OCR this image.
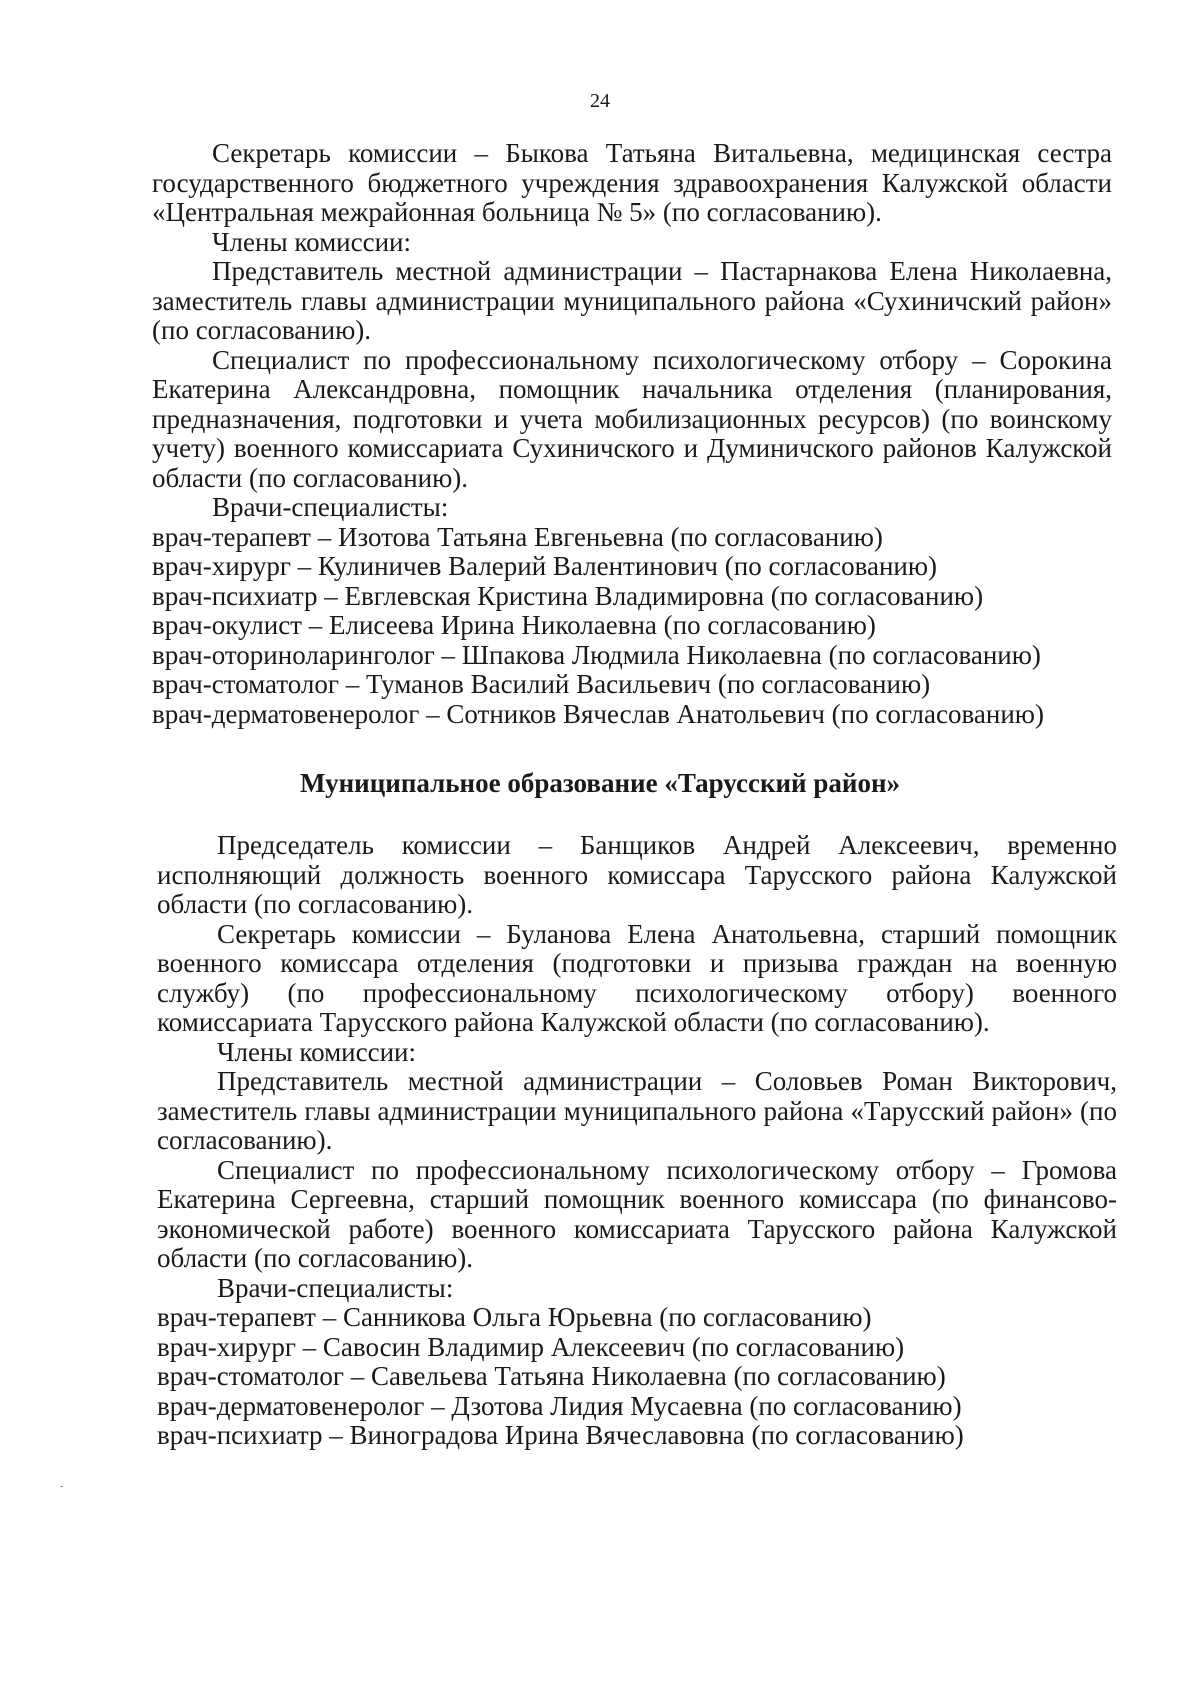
24

Секретарь комиссии – Быкова Татьяна Витальевна, медицинская сестра государственного бюджетного учреждения здравоохранения Калужской области «Центральная межрайонная больница № 5» (по согласованию).

Члены комиссии:

Представитель местной администрации – Пастарнакова Елена Николаевна, заместитель главы администрации муниципального района «Сухиничский район» (по согласованию).

Специалист по профессиональному психологическому отбору – Сорокина Екатерина Александровна, помощник начальника отделения (планирования, предназначения, подготовки и учета мобилизационных ресурсов) (по воинскому учету) военного комиссариата Сухиничского и Думиничского районов Калужской области (по согласованию).

Врачи-специалисты:

врач-терапевт – Изотова Татьяна Евгеньевна (по согласованию)

врач-хирург – Кулиничев Валерий Валентинович (по согласованию)

врач-психиатр – Евглевская Кристина Владимировна (по согласованию)

врач-окулист – Елисеева Ирина Николаевна (по согласованию)

врач-оториноларинголог – Шпакова Людмила Николаевна (по согласованию)

врач-стоматолог – Туманов Василий Васильевич (по согласованию)

врач-дерматовенеролог – Сотников Вячеслав Анатольевич (по согласованию)

Муниципальное образование «Тарусский район»

Председатель комиссии – Банщиков Андрей Алексеевич, временно исполняющий должность военного комиссара Тарусского района Калужской области (по согласованию).

Секретарь комиссии – Буланова Елена Анатольевна, старший помощник военного комиссара отделения (подготовки и призыва граждан на военную службу) (по профессиональному психологическому отбору) военного комиссариата Тарусского района Калужской области (по согласованию).

Члены комиссии:

Представитель местной администрации – Соловьев Роман Викторович, заместитель главы администрации муниципального района «Тарусский район» (по согласованию).

Специалист по профессиональному психологическому отбору – Громова Екатерина Сергеевна, старший помощник военного комиссара (по финансово-экономической работе) военного комиссариата Тарусского района Калужской области (по согласованию).

Врачи-специалисты:

врач-терапевт – Санникова Ольга Юрьевна (по согласованию)

врач-хирург – Савосин Владимир Алексеевич (по согласованию)

врач-стоматолог – Савельева Татьяна Николаевна (по согласованию)

врач-дерматовенеролог – Дзотова Лидия Мусаевна (по согласованию)

врач-психиатр – Виноградова Ирина Вячеславовна (по согласованию)
